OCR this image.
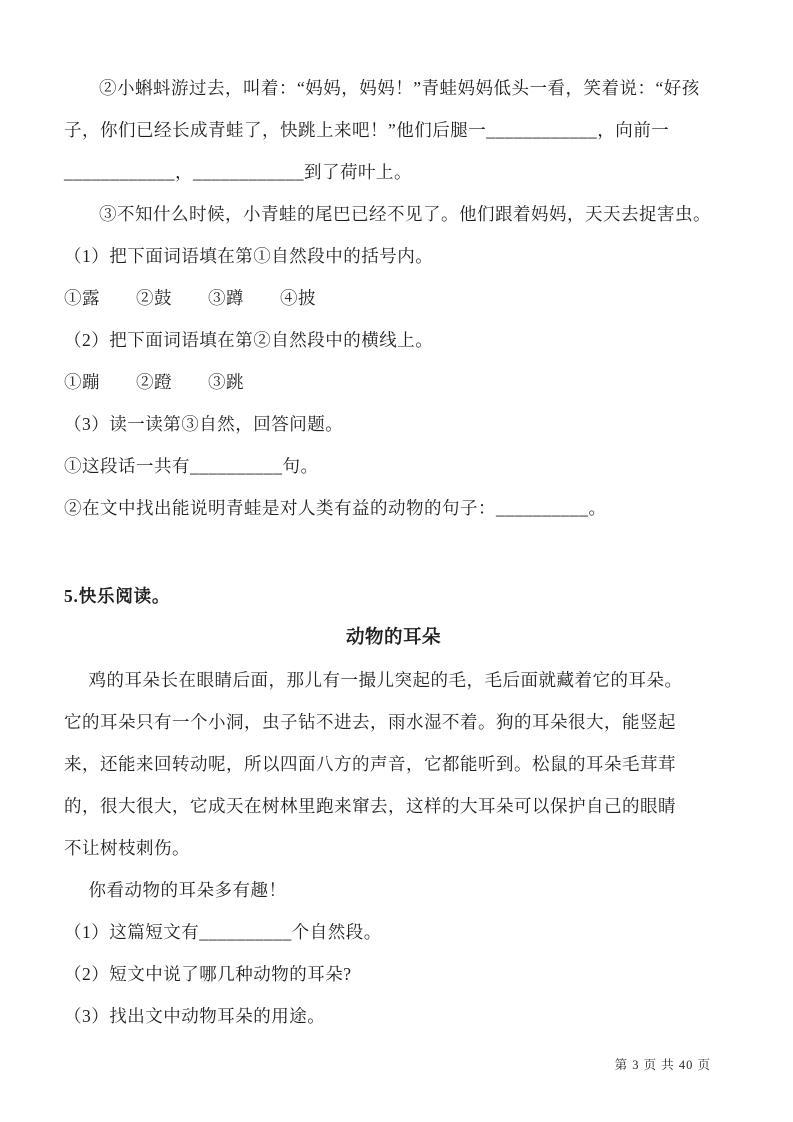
②小蝌蚪游过去，叫着：“妈妈，妈妈！”青蛙妈妈低头一看，笑着说：“好孩
子，你们已经长成青蛙了，快跳上来吧！”他们后腿一____________，向前一
____________，____________到了荷叶上。
③不知什么时候，小青蛙的尾巴已经不见了。他们跟着妈妈，天天去捉害虫。
（1）把下面词语填在第①自然段中的括号内。
①露　　②鼓　　③蹲　　④披
（2）把下面词语填在第②自然段中的横线上。
①蹦　　②蹬　　③跳
（3）读一读第③自然，回答问题。
①这段话一共有__________句。
②在文中找出能说明青蛙是对人类有益的动物的句子：__________。
5.快乐阅读。
动物的耳朵
鸡的耳朵长在眼睛后面，那儿有一撮儿突起的毛，毛后面就藏着它的耳朵。
它的耳朵只有一个小洞，虫子钻不进去，雨水湿不着。狗的耳朵很大，能竖起
来，还能来回转动呢，所以四面八方的声音，它都能听到。松鼠的耳朵毛茸茸
的，很大很大，它成天在树林里跑来窜去，这样的大耳朵可以保护自己的眼睛
不让树枝刺伤。
你看动物的耳朵多有趣！
（1）这篇短文有__________个自然段。
（2）短文中说了哪几种动物的耳朵?
（3）找出文中动物耳朵的用途。
第 3 页 共 40 页
